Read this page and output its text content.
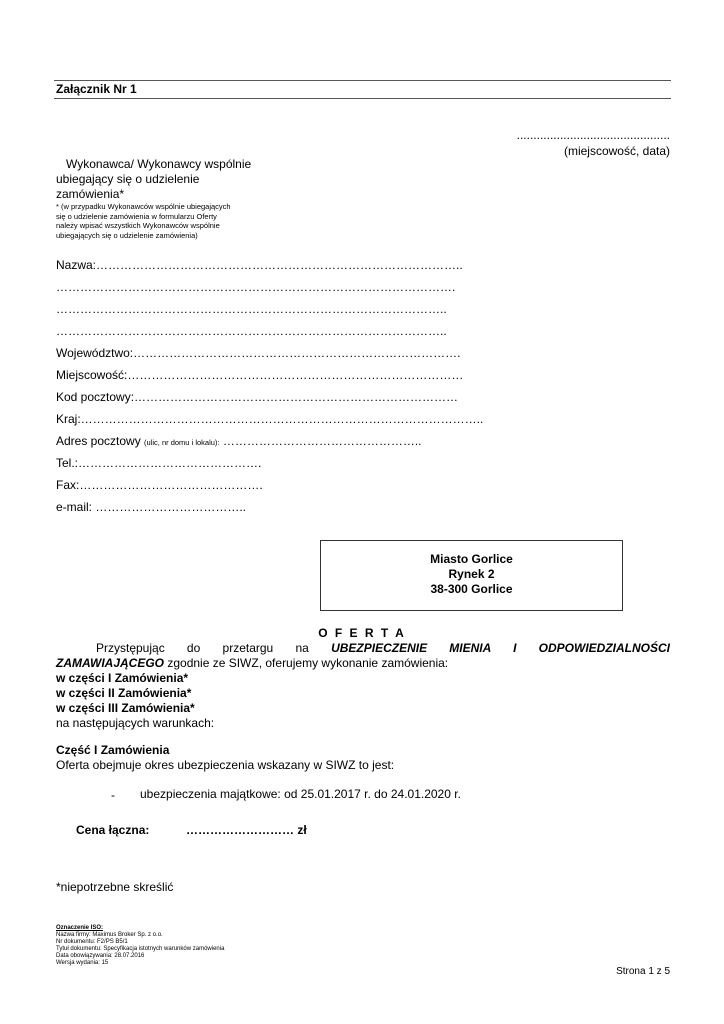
Załącznik Nr 1
..............................................
(miejscowość, data)
Wykonawca/ Wykonawcy wspólnie
ubiegający się o udzielenie
zamówienia*
* (w przypadku Wykonawców wspólnie ubiegających
się o udzielenie zamówienia w formularzu Oferty
należy wpisać wszystkich Wykonawców wspólnie
ubiegających się o udzielenie zamówienia)
Nazwa:………………………………………………………………………………..
……………………………………………………………………………………….
……………………………………………………………………………………..
……………………………………………………………………………………..
Województwo:……………………………………………………………………….
Miejscowość:…………………………………………………………………………
Kod pocztowy:………………………………………………………………………
Kraj:………………………………………………………………………………………..
Adres pocztowy (ulic, nr domu i lokalu): …………………………………………..
Tel.:……………………………………….
Fax:……………………………………….
e-mail: ………………………………..
Miasto Gorlice
Rynek 2
38-300 Gorlice
O F E R T A
Przystępując do przetargu na UBEZPIECZENIE MIENIA I ODPOWIEDZIALNOŚCI
ZAMAWIAJĄCEGO zgodnie ze SIWZ, oferujemy wykonanie zamówienia:
w części I Zamówienia*
w części II Zamówienia*
w części III Zamówienia*
na następujących warunkach:
Część I Zamówienia
Oferta obejmuje okres ubezpieczenia wskazany w SIWZ to jest:
- ubezpieczenia majątkowe: od 25.01.2017 r. do 24.01.2020 r.
Cena łączna:	……………………… zł
*niepotrzebne skreślić
Oznaczenie ISO:
Nazwa firmy: Maximus Broker Sp. z o.o.
Nr dokumentu: F2/PS B5/1
Tytuł dokumentu: Specyfikacja istotnych warunków zamówienia
Data obowiązywania: 28.07.2016
Wersja wydania: 15
Strona 1 z 5
